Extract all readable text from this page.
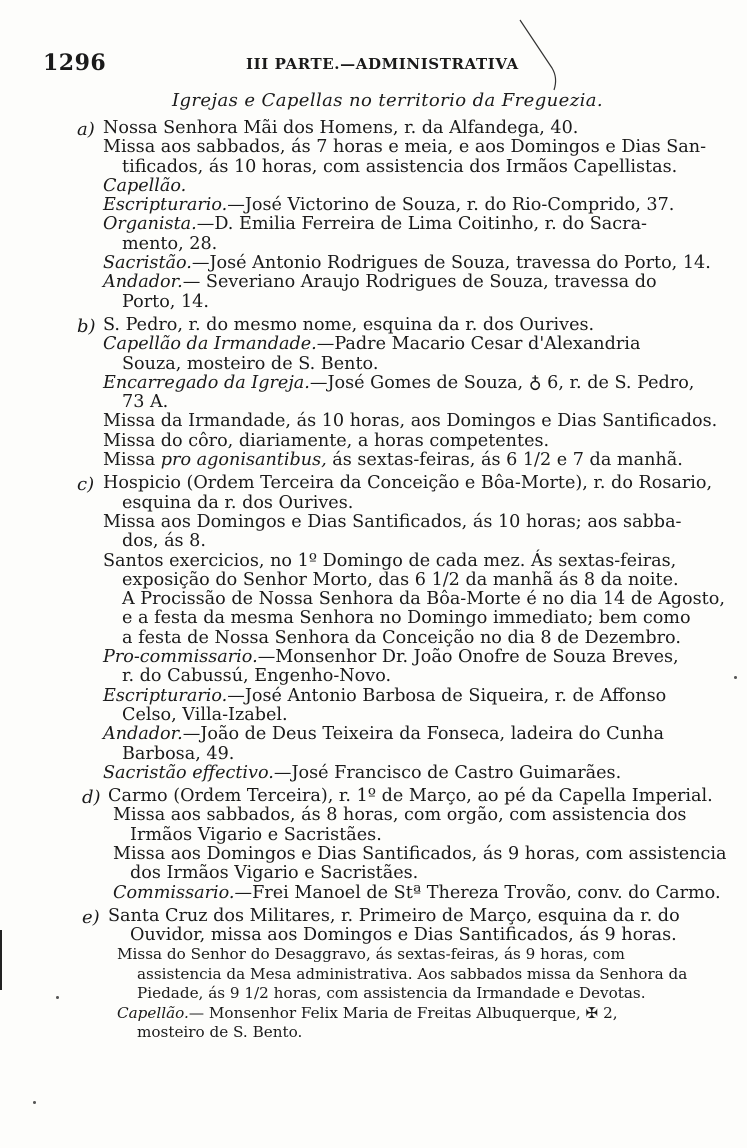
1296	III PARTE.—ADMINISTRATIVA
Igrejas e Capellas no territorio da Freguezia.
a) Nossa Senhora Mãi dos Homens, r. da Alfandega, 40.
Missa aos sabbados, ás 7 horas e meia, e aos Domingos e Dias San-
tificados, ás 10 horas, com assistencia dos Irmãos Capellistas.
Capellão.
Escripturario.—José Victorino de Souza, r. do Rio-Comprido, 37.
Organista.—D. Emilia Ferreira de Lima Coitinho, r. do Sacra-
mento, 28.
Sacristão.—José Antonio Rodrigues de Souza, travessa do Porto, 14.
Andador.— Severiano Araujo Rodrigues de Souza, travessa do
Porto, 14.
b) S. Pedro, r. do mesmo nome, esquina da r. dos Ourives.
Capellão da Irmandade.—Padre Macario Cesar d'Alexandria
Souza, mosteiro de S. Bento.
Encarregado da Igreja.—José Gomes de Souza, ♁ 6, r. de S. Pedro,
73 A.
Missa da Irmandade, ás 10 horas, aos Domingos e Dias Santificados.
Missa do côro, diariamente, a horas competentes.
Missa pro agonisantibus, ás sextas-feiras, ás 6 1/2 e 7 da manhã.
c) Hospicio (Ordem Terceira da Conceição e Bôa-Morte), r. do Rosario,
esquina da r. dos Ourives.
Missa aos Domingos e Dias Santificados, ás 10 horas; aos sabba-
dos, ás 8.
Santos exercicios, no 1º Domingo de cada mez. Ás sextas-feiras,
exposição do Senhor Morto, das 6 1/2 da manhã ás 8 da noite.
A Procissão de Nossa Senhora da Bôa-Morte é no dia 14 de Agosto,
e a festa da mesma Senhora no Domingo immediato; bem como
a festa de Nossa Senhora da Conceição no dia 8 de Dezembro.
Pro-commissario.—Monsenhor Dr. João Onofre de Souza Breves,
r. do Cabussú, Engenho-Novo.
Escripturario.—José Antonio Barbosa de Siqueira, r. de Affonso
Celso, Villa-Izabel.
Andador.—João de Deus Teixeira da Fonseca, ladeira do Cunha
Barbosa, 49.
Sacristão effectivo.—José Francisco de Castro Guimarães.
d) Carmo (Ordem Terceira), r. 1º de Março, ao pé da Capella Imperial.
Missa aos sabbados, ás 8 horas, com orgão, com assistencia dos
Irmãos Vigario e Sacristães.
Missa aos Domingos e Dias Santificados, ás 9 horas, com assistencia
dos Irmãos Vigario e Sacristães.
Commissario.—Frei Manoel de Stª Thereza Trovão, conv. do Carmo.
e) Santa Cruz dos Militares, r. Primeiro de Março, esquina da r. do
Ouvidor, missa aos Domingos e Dias Santificados, ás 9 horas.
Missa do Senhor do Desaggravo, ás sextas-feiras, ás 9 horas, com
assistencia da Mesa administrativa. Aos sabbados missa da Senhora da
Piedade, ás 9 1/2 horas, com assistencia da Irmandade e Devotas.
Capellão.— Monsenhor Felix Maria de Freitas Albuquerque, ✠ 2,
mosteiro de S. Bento.
